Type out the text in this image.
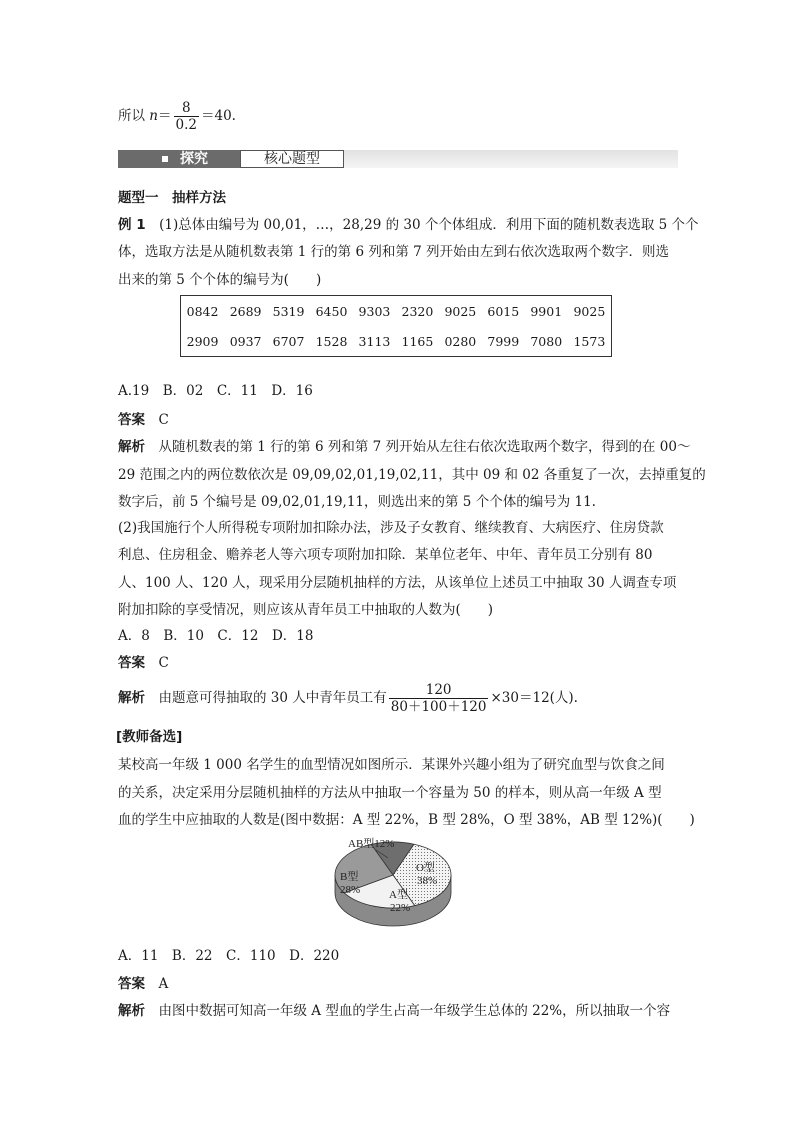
所以 $n= \frac{8}{0.2} =40$.
探究	核心题型
题型一　抽样方法
例 1　(1)总体由编号为 00,01，…，28,29 的 30 个个体组成．利用下面的随机数表选取 5 个个
体，选取方法是从随机数表第 1 行的第 6 列和第 7 列开始由左到右依次选取两个数字．则选
出来的第 5 个个体的编号为(　　)
0842	2689	5319	6450	9303	2320	9025	6015	9901	9025
2909	0937	6707	1528	3113	1165	0280	7999	7080	1573
A.19　B．02　C．11　D．16
答案　 C
解析　从随机数表的第 1 行的第 6 列和第 7 列开始从左往右依次选取两个数字，得到的在 00～
29 范围之内的两位数依次是 09,09,02,01,19,02,11，其中 09 和 02 各重复了一次，去掉重复的
数字后，前 5 个编号是 09,02,01,19,11，则选出来的第 5 个个体的编号为 11.
(2)我国施行个人所得税专项附加扣除办法，涉及子女教育、继续教育、大病医疗、住房贷款
利息、住房租金、赡养老人等六项专项附加扣除．某单位老年、中年、青年员工分别有 80
人、100 人、120 人，现采用分层随机抽样的方法，从该单位上述员工中抽取 30 人调查专项
附加扣除的享受情况，则应该从青年员工中抽取的人数为(　　)
A．8　B．10　C．12　D．18
答案　 C
解析　由题意可得抽取的 30 人中青年员工有 $\frac{120}{80+100+120} \times 30=12$(人).
[教师备选]
某校高一年级 1 000 名学生的血型情况如图所示．某课外兴趣小组为了研究血型与饮食之间
的关系，决定采用分层随机抽样的方法从中抽取一个容量为 50 的样本，则从高一年级 A 型
血的学生中应抽取的人数是(图中数据：A 型 22%，B 型 28%，O 型 38%，AB 型 12%)(　　)
AB型12%
O型
38%
B型
28%	A型
22%
A．11　B．22　C．110　D．220
答案　 A
解析　由图中数据可知高一年级 A 型血的学生占高一年级学生总体的 22%，所以抽取一个容
